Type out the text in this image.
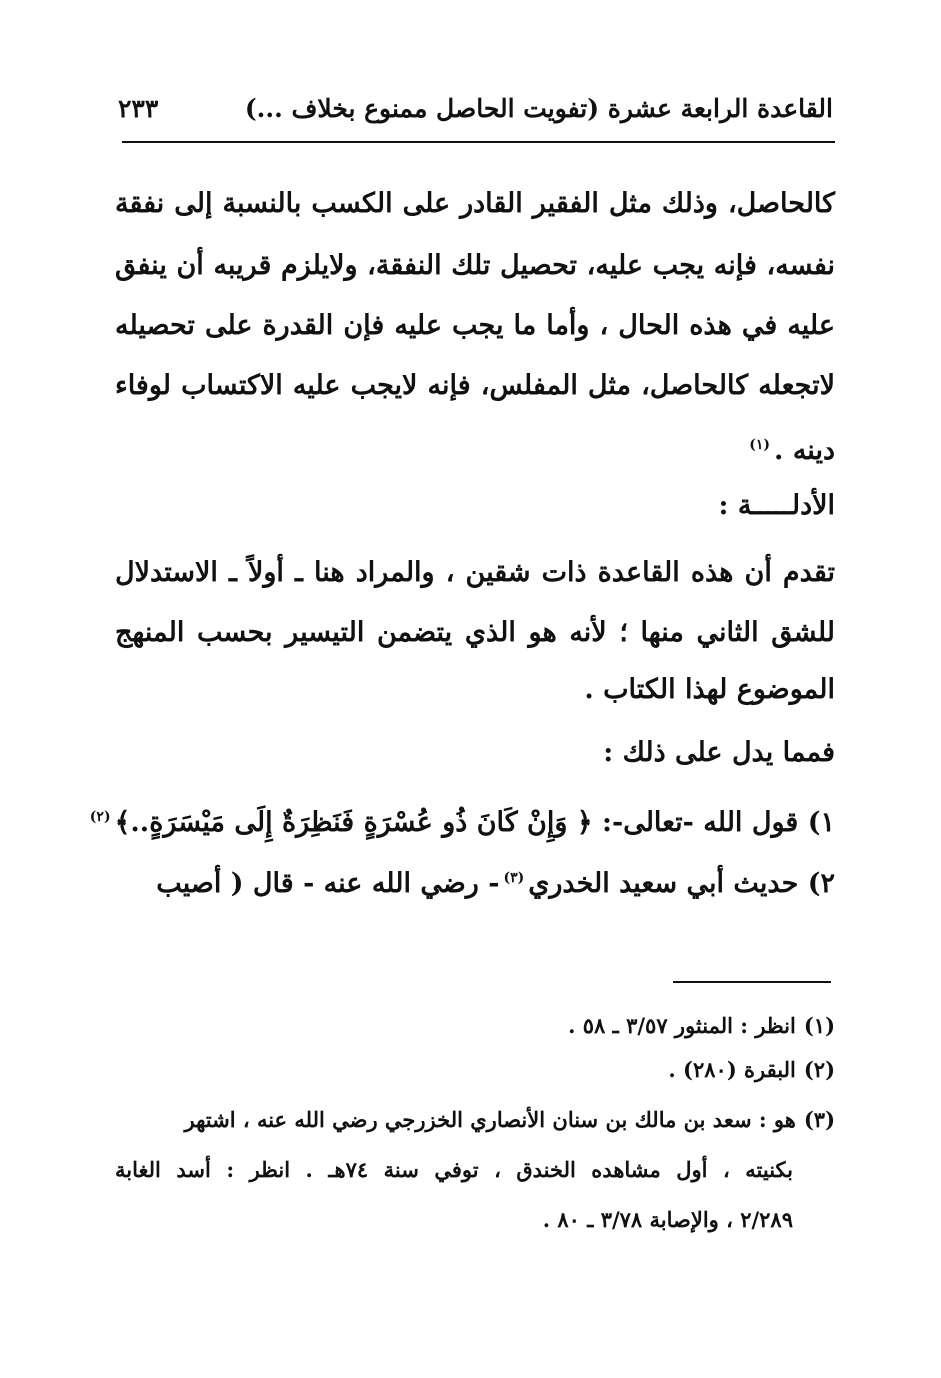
القاعدة الرابعة عشرة (تفويت الحاصل ممنوع بخلاف ...)
٢٣٣
كالحاصل، وذلك مثل الفقير القادر على الكسب بالنسبة إلى نفقة
نفسه، فإنه يجب عليه، تحصيل تلك النفقة، ولايلزم قريبه أن ينفق
عليه في هذه الحال ، وأما ما يجب عليه فإن القدرة على تحصيله
لاتجعله كالحاصل، مثل المفلس، فإنه لايجب عليه الاكتساب لوفاء
دينه .$^{(١)}$
الأدلـــــة :
تقدم أن هذه القاعدة ذات شقين ، والمراد هنا ـ أولاً ـ الاستدلال
للشق الثاني منها ؛ لأنه هو الذي يتضمن التيسير بحسب المنهج
الموضوع لهذا الكتاب .
فمما يدل على ذلك :
١) قول الله -تعالى-: ﴿ وَإِنْ كَانَ ذُو عُسْرَةٍ فَنَظِرَةٌ إِلَى مَيْسَرَةٍ..﴾$^{(٢)}$
٢) حديث أبي سعيد الخدري$^{(٣)}$- رضي الله عنه - قال ( أصيب
(١)انظر : المنثور ٣/٥٧ ـ ٥٨ .
(٢)البقرة (٢٨٠) .
(٣)هو : سعد بن مالك بن سنان الأنصاري الخزرجي رضي الله عنه ، اشتهر
بكنيته ، أول مشاهده الخندق ، توفي سنة ٧٤هـ . انظر : أسد الغابة
٢/٢٨٩ ، والإصابة ٣/٧٨ ـ ٨٠ .
